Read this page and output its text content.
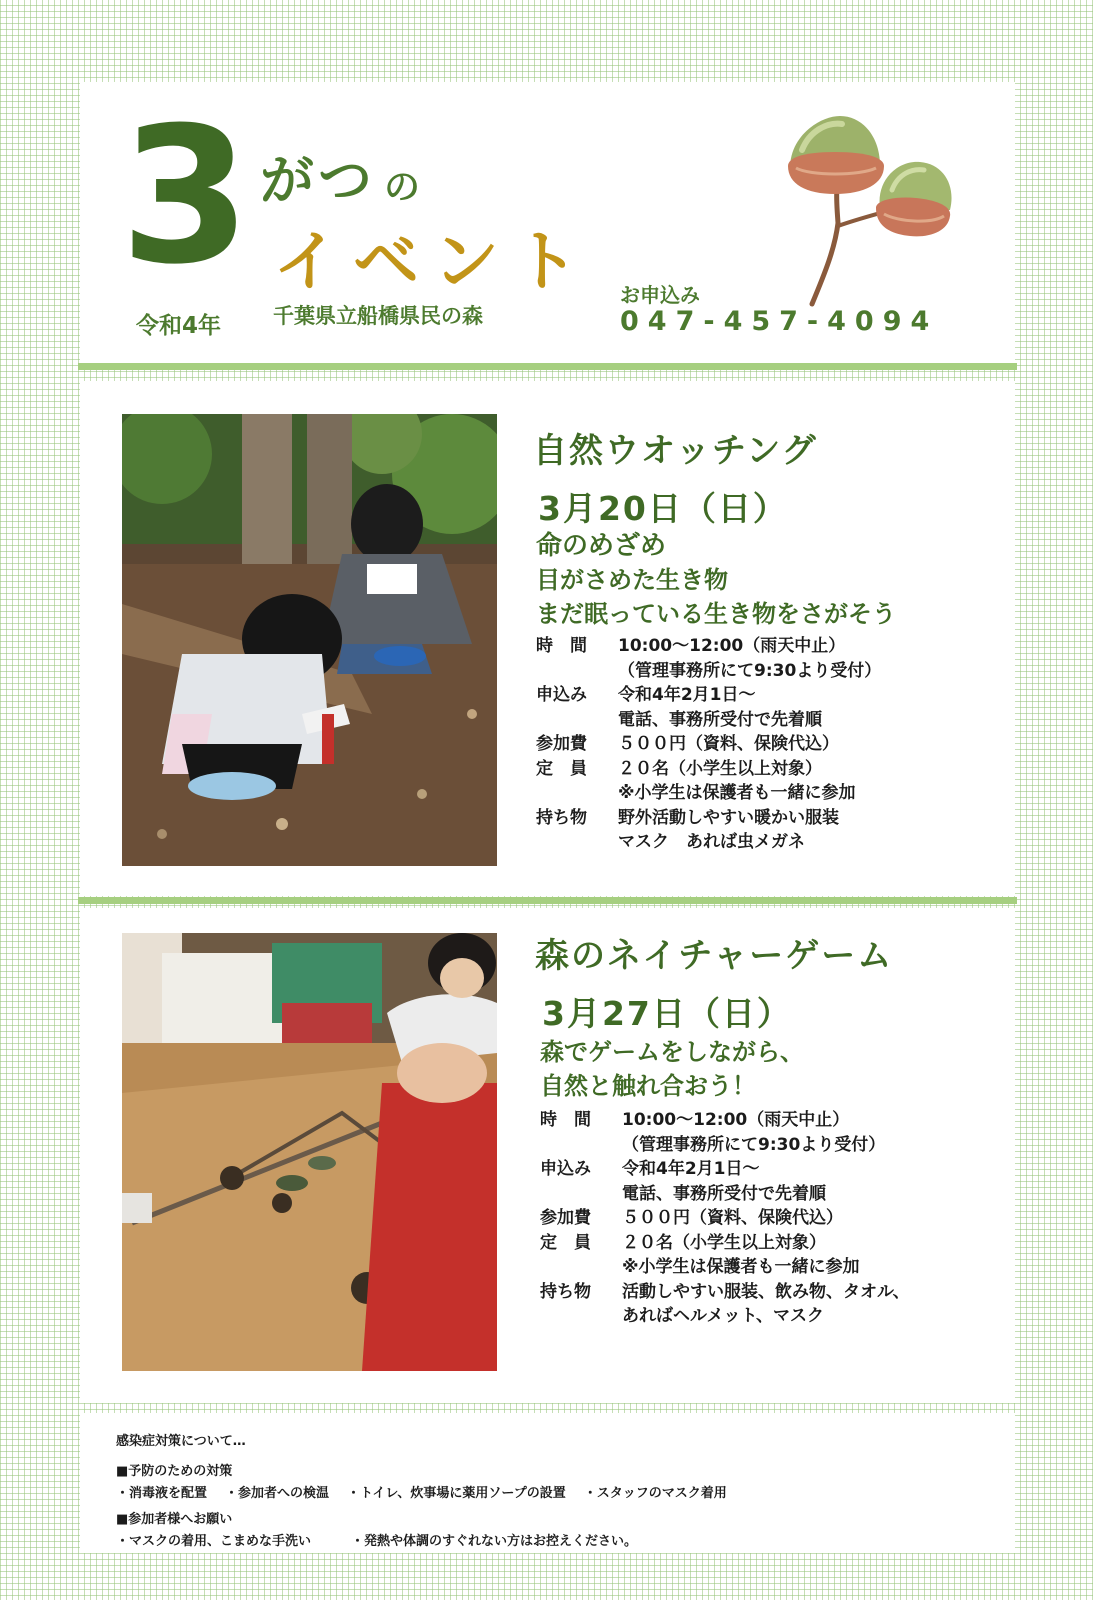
3 がつ の
イベント
令和4年 千葉県立船橋県民の森
お申込み
047-457-4094
自然ウオッチング
3月20日（日）
命のめざめ
目がさめた生き物
まだ眠っている生き物をさがそう
時　間	10:00〜12:00（雨天中止）
（管理事務所にて9:30より受付）
申込み	令和4年2月1日〜
電話、事務所受付で先着順
参加費	５００円（資料、保険代込）
定　員	２０名（小学生以上対象）
※小学生は保護者も一緒に参加
持ち物	野外活動しやすい暖かい服装
マスク　あれば虫メガネ
森のネイチャーゲーム
3月27日（日）
森でゲームをしながら、
自然と触れ合おう！
時　間	10:00〜12:00（雨天中止）
（管理事務所にて9:30より受付）
申込み	令和4年2月1日〜
電話、事務所受付で先着順
参加費	５００円（資料、保険代込）
定　員	２０名（小学生以上対象）
※小学生は保護者も一緒に参加
持ち物	活動しやすい服装、飲み物、タオル、
あればヘルメット、マスク
感染症対策について…
■予防のための対策
・消毒液を配置 ・参加者への検温 ・トイレ、炊事場に薬用ソープの設置 ・スタッフのマスク着用
■参加者様へお願い
・マスクの着用、こまめな手洗い	・発熱や体調のすぐれない方はお控えください。
